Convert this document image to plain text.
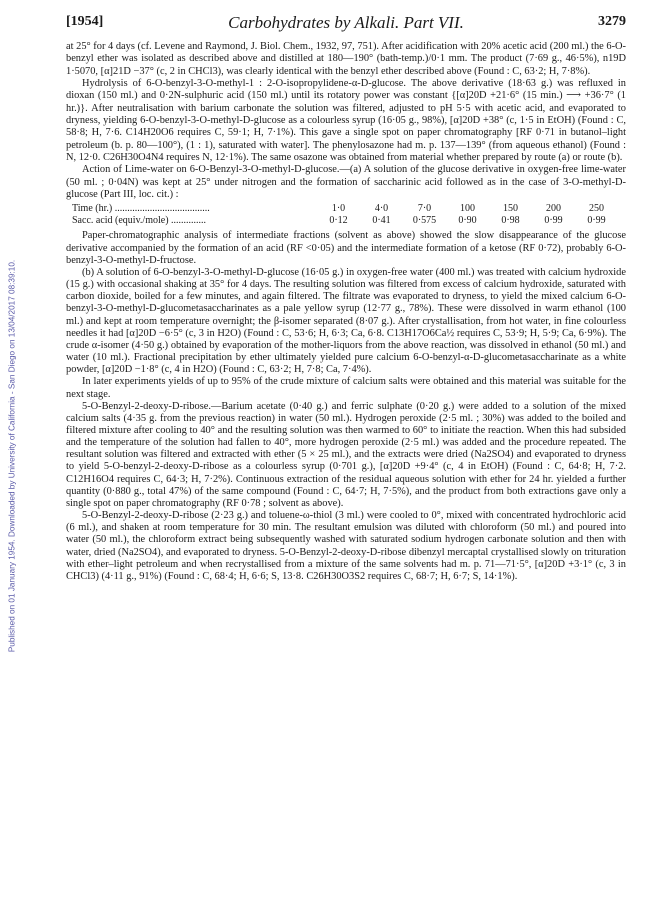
Published on 01 January 1954. Downloaded by University of California - San Diego on 13/04/2017 08:39:10.
[1954]	Carbohydrates by Alkali. Part VII.	3279

at 25° for 4 days (cf. Levene and Raymond, J. Biol. Chem., 1932, 97, 751). After acidification with 20% acetic acid (200 ml.) the 6-O-benzyl ether was isolated as described above and distilled at 180—190° (bath-temp.)/0·1 mm. The product (7·69 g., 46·5%), n19D 1·5070, [α]21D −37° (c, 2 in CHCl3), was clearly identical with the benzyl ether described above (Found : C, 63·2; H, 7·8%).

Hydrolysis of 6-O-benzyl-3-O-methyl-1 : 2-O-isopropylidene-α-D-glucose. The above derivative (18·63 g.) was refluxed in dioxan (150 ml.) and 0·2N-sulphuric acid (150 ml.) until its rotatory power was constant {[α]20D +21·6° (15 min.) ⟶ +36·7° (1 hr.)}. After neutralisation with barium carbonate the solution was filtered, adjusted to pH 5·5 with acetic acid, and evaporated to dryness, yielding 6-O-benzyl-3-O-methyl-D-glucose as a colourless syrup (16·05 g., 98%), [α]20D +38° (c, 1·5 in EtOH) (Found : C, 58·8; H, 7·6. C14H20O6 requires C, 59·1; H, 7·1%). This gave a single spot on paper chromatography [RF 0·71 in butanol–light petroleum (b. p. 80—100°), (1 : 1), saturated with water]. The phenylosazone had m. p. 137—139° (from aqueous ethanol) (Found : N, 12·0. C26H30O4N4 requires N, 12·1%). The same osazone was obtained from material whether prepared by route (a) or route (b).

Action of Lime-water on 6-O-Benzyl-3-O-methyl-D-glucose.—(a) A solution of the glucose derivative in oxygen-free lime-water (50 ml. ; 0·04N) was kept at 25° under nitrogen and the formation of saccharinic acid followed as in the case of 3-O-methyl-D-glucose (Part III, loc. cit.) :

Time (hr.) ......................................	1·0	4·0	7·0	100	150	200	250
Sacc. acid (equiv./mole) ..............	0·12	0·41	0·575	0·90	0·98	0·99	0·99

Paper-chromatographic analysis of intermediate fractions (solvent as above) showed the slow disappearance of the glucose derivative accompanied by the formation of an acid (RF <0·05) and the intermediate formation of a ketose (RF 0·72), probably 6-O-benzyl-3-O-methyl-D-fructose.

(b) A solution of 6-O-benzyl-3-O-methyl-D-glucose (16·05 g.) in oxygen-free water (400 ml.) was treated with calcium hydroxide (15 g.) with occasional shaking at 35° for 4 days. The resulting solution was filtered from excess of calcium hydroxide, saturated with carbon dioxide, boiled for a few minutes, and again filtered. The filtrate was evaporated to dryness, to yield the mixed calcium 6-O-benzyl-3-O-methyl-D-glucometasaccharinates as a pale yellow syrup (12·77 g., 78%). These were dissolved in warm ethanol (100 ml.) and kept at room temperature overnight; the β-isomer separated (8·07 g.). After crystallisation, from hot water, in fine colourless needles it had [α]20D −6·5° (c, 3 in H2O) (Found : C, 53·6; H, 6·3; Ca, 6·8. C13H17O6Ca½ requires C, 53·9; H, 5·9; Ca, 6·9%). The crude α-isomer (4·50 g.) obtained by evaporation of the mother-liquors from the above reaction, was dissolved in ethanol (50 ml.) and water (10 ml.). Fractional precipitation by ether ultimately yielded pure calcium 6-O-benzyl-α-D-glucometasaccharinate as a white powder, [α]20D −1·8° (c, 4 in H2O) (Found : C, 63·2; H, 7·8; Ca, 7·4%).

In later experiments yields of up to 95% of the crude mixture of calcium salts were obtained and this material was suitable for the next stage.

5-O-Benzyl-2-deoxy-D-ribose.—Barium acetate (0·40 g.) and ferric sulphate (0·20 g.) were added to a solution of the mixed calcium salts (4·35 g. from the previous reaction) in water (50 ml.). Hydrogen peroxide (2·5 ml. ; 30%) was added to the boiled and filtered mixture after cooling to 40° and the resulting solution was then warmed to 60° to initiate the reaction. When this had subsided and the temperature of the solution had fallen to 40°, more hydrogen peroxide (2·5 ml.) was added and the procedure repeated. The resultant solution was filtered and extracted with ether (5 × 25 ml.), and the extracts were dried (Na2SO4) and evaporated to dryness to yield 5-O-benzyl-2-deoxy-D-ribose as a colourless syrup (0·701 g.), [α]20D +9·4° (c, 4 in EtOH) (Found : C, 64·8; H, 7·2. C12H16O4 requires C, 64·3; H, 7·2%). Continuous extraction of the residual aqueous solution with ether for 24 hr. yielded a further quantity (0·880 g., total 47%) of the same compound (Found : C, 64·7; H, 7·5%), and the product from both extractions gave only a single spot on paper chromatography (RF 0·78 ; solvent as above).

5-O-Benzyl-2-deoxy-D-ribose (2·23 g.) and toluene-ω-thiol (3 ml.) were cooled to 0°, mixed with concentrated hydrochloric acid (6 ml.), and shaken at room temperature for 30 min. The resultant emulsion was diluted with chloroform (50 ml.) and poured into water (50 ml.), the chloroform extract being subsequently washed with saturated sodium hydrogen carbonate solution and then with water, dried (Na2SO4), and evaporated to dryness. 5-O-Benzyl-2-deoxy-D-ribose dibenzyl mercaptal crystallised slowly on trituration with ether–light petroleum and when recrystallised from a mixture of the same solvents had m. p. 71—71·5°, [α]20D +3·1° (c, 3 in CHCl3) (4·11 g., 91%) (Found : C, 68·4; H, 6·6; S, 13·8. C26H30O3S2 requires C, 68·7; H, 6·7; S, 14·1%).
